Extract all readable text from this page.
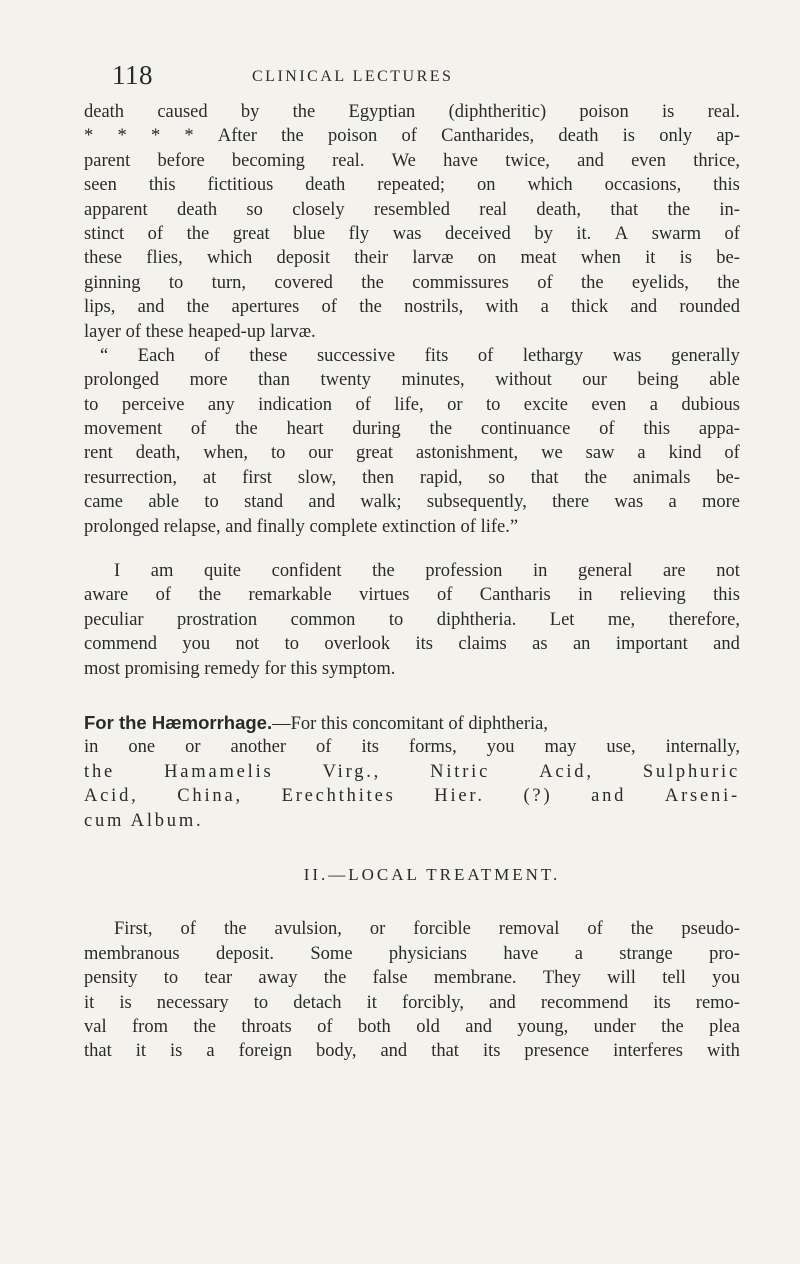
118	CLINICAL LECTURES
death caused by the Egyptian (diphtheritic) poison is real.
* * * * After the poison of Cantharides, death is only ap-
parent before becoming real. We have twice, and even thrice,
seen this fictitious death repeated; on which occasions, this
apparent death so closely resembled real death, that the in-
stinct of the great blue fly was deceived by it. A swarm of
these flies, which deposit their larvæ on meat when it is be-
ginning to turn, covered the commissures of the eyelids, the
lips, and the apertures of the nostrils, with a thick and rounded
layer of these heaped-up larvæ.
“ Each of these successive fits of lethargy was generally
prolonged more than twenty minutes, without our being able
to perceive any indication of life, or to excite even a dubious
movement of the heart during the continuance of this appa-
rent death, when, to our great astonishment, we saw a kind of
resurrection, at first slow, then rapid, so that the animals be-
came able to stand and walk; subsequently, there was a more
prolonged relapse, and finally complete extinction of life.”
I am quite confident the profession in general are not
aware of the remarkable virtues of Cantharis in relieving this
peculiar prostration common to diphtheria. Let me, therefore,
commend you not to overlook its claims as an important and
most promising remedy for this symptom.
For the Hæmorrhage.—For this concomitant of diphtheria,
in one or another of its forms, you may use, internally,
the	Hamamelis	Virg.,	Nitric	Acid,	Sulphuric
Acid, China, Erechthites Hier. (?) and Arseni-
cum Album.
II.—LOCAL TREATMENT.
First, of the avulsion, or forcible removal of the pseudo-
membranous deposit. Some physicians have a strange pro-
pensity to tear away the false membrane. They will tell you
it is necessary to detach it forcibly, and recommend its remo-
val from the throats of both old and young, under the plea
that it is a foreign body, and that its presence interferes with
